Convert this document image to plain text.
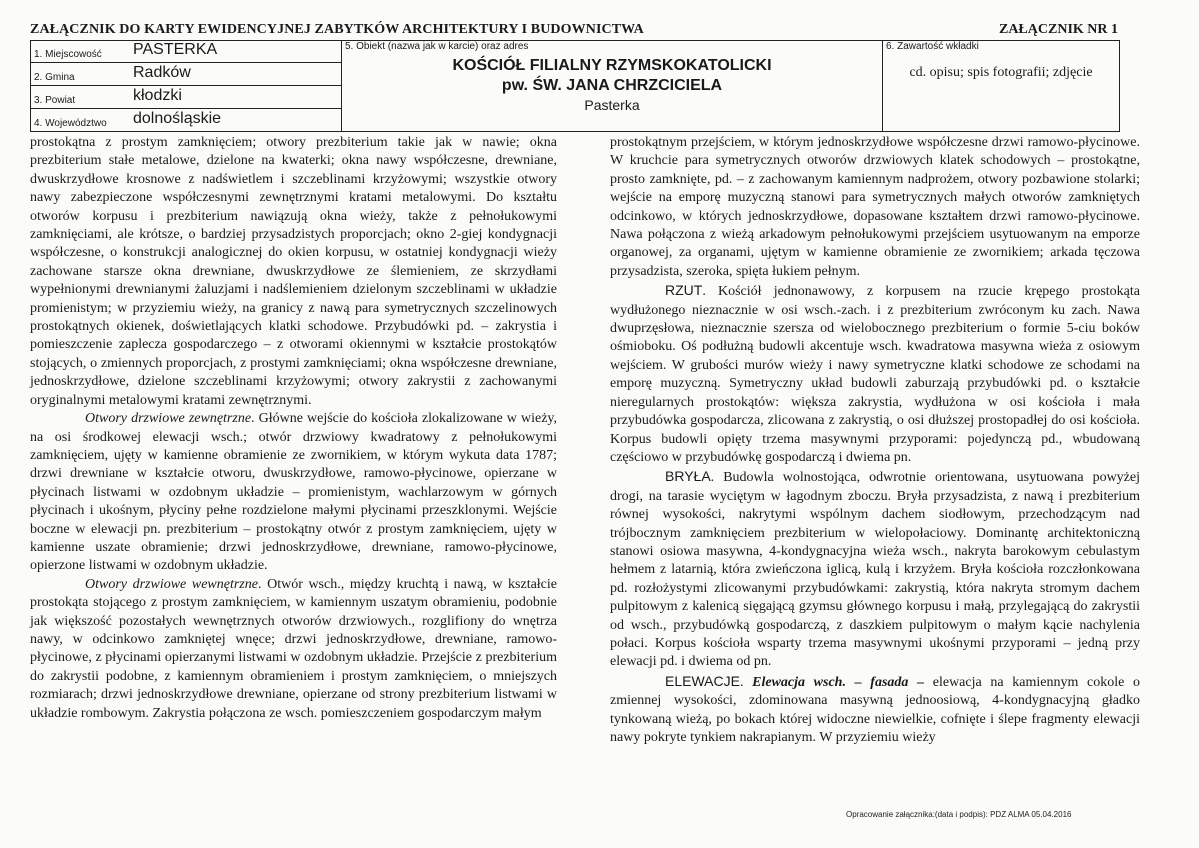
ZAŁĄCZNIK DO KARTY EWIDENCYJNEJ ZABYTKÓW ARCHITEKTURY I BUDOWNICTWA	ZAŁĄCZNIK NR 1
1. Miejscowość PASTERKA
2. Gmina	Radków
3. Powiat	kłodzki
4. Województwo dolnośląskie
5. Obiekt (nazwa jak w karcie) oraz adres
KOŚCIÓŁ FILIALNY RZYMSKOKATOLICKI
pw. ŚW. JANA CHRZCICIELA
Pasterka
6. Zawartość wkładki
cd. opisu; spis fotografii; zdjęcie

prostokątna z prostym zamknięciem; otwory prezbiterium takie jak w nawie; okna prezbiterium stałe metalowe, dzielone na kwaterki; okna nawy współczesne, drewniane, dwuskrzydłowe krosnowe z nadświetlem i szczeblinami krzyżowymi; wszystkie otwory nawy zabezpieczone współczesnymi zewnętrznymi kratami metalowymi. Do kształtu otworów korpusu i prezbiterium nawiązują okna wieży, także z pełnołukowymi zamknięciami, ale krótsze, o bardziej przysadzistych proporcjach; okno 2-giej kondygnacji współczesne, o konstrukcji analogicznej do okien korpusu, w ostatniej kondygnacji wieży zachowane starsze okna drewniane, dwuskrzydłowe ze ślemieniem, ze skrzydłami wypełnionymi drewnianymi żaluzjami i nadślemieniem dzielonym szczeblinami w układzie promienistym; w przyziemiu wieży, na granicy z nawą para symetrycznych szczelinowych prostokątnych okienek, doświetlających klatki schodowe. Przybudówki pd. – zakrystia i pomieszczenie zaplecza gospodarczego – z otworami okiennymi w kształcie prostokątów stojących, o zmiennych proporcjach, z prostymi zamknięciami; okna współczesne drewniane, jednoskrzydłowe, dzielone szczeblinami krzyżowymi; otwory zakrystii z zachowanymi oryginalnymi metalowymi kratami zewnętrznymi.

Otwory drzwiowe zewnętrzne. Główne wejście do kościoła zlokalizowane w wieży, na osi środkowej elewacji wsch.; otwór drzwiowy kwadratowy z pełnołukowymi zamknięciem, ujęty w kamienne obramienie ze zwornikiem, w którym wykuta data 1787; drzwi drewniane w kształcie otworu, dwuskrzydłowe, ramowo-płycinowe, opierzane w płycinach listwami w ozdobnym układzie – promienistym, wachlarzowym w górnych płycinach i ukośnym, płyciny pełne rozdzielone małymi płycinami przeszklonymi. Wejście boczne w elewacji pn. prezbiterium – prostokątny otwór z prostym zamknięciem, ujęty w kamienne uszate obramienie; drzwi jednoskrzydłowe, drewniane, ramowo-płycinowe, opierzone listwami w ozdobnym układzie.

Otwory drzwiowe wewnętrzne. Otwór wsch., między kruchtą i nawą, w kształcie prostokąta stojącego z prostym zamknięciem, w kamiennym uszatym obramieniu, podobnie jak większość pozostałych wewnętrznych otworów drzwiowych., rozglifiony do wnętrza nawy, w odcinkowo zamkniętej wnęce; drzwi jednoskrzydłowe, drewniane, ramowo-płycinowe, z płycinami opierzanymi listwami w ozdobnym układzie. Przejście z prezbiterium do zakrystii podobne, z kamiennym obramieniem i prostym zamknięciem, o mniejszych rozmiarach; drzwi jednoskrzydłowe drewniane, opierzane od strony prezbiterium listwami w układzie rombowym. Zakrystia połączona ze wsch. pomieszczeniem gospodarczym małym

prostokątnym przejściem, w którym jednoskrzydłowe współczesne drzwi ramowo-płycinowe. W kruchcie para symetrycznych otworów drzwiowych klatek schodowych – prostokątne, prosto zamknięte, pd. – z zachowanym kamiennym nadprożem, otwory pozbawione stolarki; wejście na emporę muzyczną stanowi para symetrycznych małych otworów zamkniętych odcinkowo, w których jednoskrzydłowe, dopasowane kształtem drzwi ramowo-płycinowe. Nawa połączona z wieżą arkadowym pełnołukowymi przejściem usytuowanym na emporze organowej, za organami, ujętym w kamienne obramienie ze zwornikiem; arkada tęczowa przysadzista, szeroka, spięta łukiem pełnym.

RZUT. Kościół jednonawowy, z korpusem na rzucie krępego prostokąta wydłużonego nieznacznie w osi wsch.-zach. i z prezbiterium zwróconym ku zach. Nawa dwuprzęsłowa, nieznacznie szersza od wielobocznego prezbiterium o formie 5-ciu boków ośmioboku. Oś podłużną budowli akcentuje wsch. kwadratowa masywna wieża z osiowym wejściem. W grubości murów wieży i nawy symetryczne klatki schodowe ze schodami na emporę muzyczną. Symetryczny układ budowli zaburzają przybudówki pd. o kształcie nieregularnych prostokątów: większa zakrystia, wydłużona w osi kościoła i mała przybudówka gospodarcza, zlicowana z zakrystią, o osi dłuższej prostopadłej do osi kościoła. Korpus budowli opięty trzema masywnymi przyporami: pojedynczą pd., wbudowaną częściowo w przybudówkę gospodarczą i dwiema pn.

BRYŁA. Budowla wolnostojąca, odwrotnie orientowana, usytuowana powyżej drogi, na tarasie wyciętym w łagodnym zboczu. Bryła przysadzista, z nawą i prezbiterium równej wysokości, nakrytymi wspólnym dachem siodłowym, przechodzącym nad trójbocznym zamknięciem prezbiterium w wielopołaciowy. Dominantę architektoniczną stanowi osiowa masywna, 4-kondygnacyjna wieża wsch., nakryta barokowym cebulastym hełmem z latarnią, która zwieńczona iglicą, kulą i krzyżem. Bryła kościoła rozczłonkowana pd. rozłożystymi zlicowanymi przybudówkami: zakrystią, która nakryta stromym dachem pulpitowym z kalenicą sięgającą gzymsu głównego korpusu i małą, przylegającą do zakrystii od wsch., przybudówką gospodarczą, z daszkiem pulpitowym o małym kącie nachylenia połaci. Korpus kościoła wsparty trzema masywnymi ukośnymi przyporami – jedną przy elewacji pd. i dwiema od pn.

ELEWACJE. Elewacja wsch. – fasada – elewacja na kamiennym cokole o zmiennej wysokości, zdominowana masywną jednoosiową, 4-kondygnacyjną gładko tynkowaną wieżą, po bokach której widoczne niewielkie, cofnięte i ślepe fragmenty elewacji nawy pokryte tynkiem nakrapianym. W przyziemiu wieży

Opracowanie załącznika:(data i podpis): PDZ ALMA 05.04.2016
